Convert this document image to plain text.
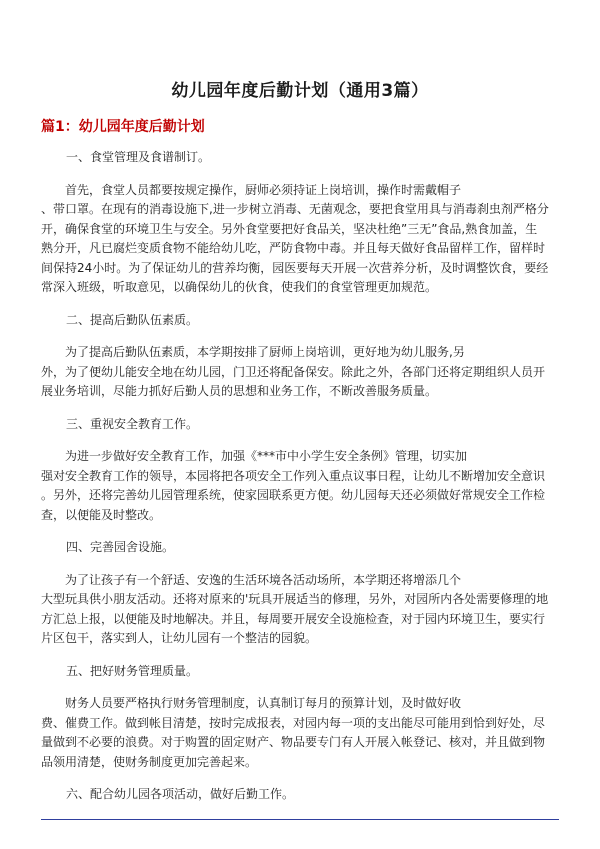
幼儿园年度后勤计划（通用3篇）
篇1：幼儿园年度后勤计划
一、食堂管理及食谱制订。
首先，食堂人员都要按规定操作，厨师必须持证上岗培训，操作时需戴帽子
、带口罩。在现有的消毒设施下,进一步树立消毒、无菌观念，要把食堂用具与消毒刹虫剂严格分
开，确保食堂的环境卫生与安全。另外食堂要把好食品关，坚决杜绝”三无”食品,熟食加盖，生
熟分开，凡已腐烂变质食物不能给幼儿吃，严防食物中毒。并且每天做好食品留样工作，留样时
间保持24小时。为了保证幼儿的营养均衡，园医要每天开展一次营养分析，及时调整饮食，要经
常深入班级，听取意见，以确保幼儿的伙食，使我们的食堂管理更加规范。
二、提高后勤队伍素质。
为了提高后勤队伍素质，本学期按排了厨师上岗培训，更好地为幼儿服务,另
外，为了便幼儿能安全地在幼儿园，门卫还将配备保安。除此之外，各部门还将定期组织人员开
展业务培训，尽能力抓好后勤人员的思想和业务工作，不断改善服务质量。
三、重视安全教育工作。
为进一步做好安全教育工作，加强《***市中小学生安全条例》管理，切实加
强对安全教育工作的领导，本园将把各项安全工作列入重点议事日程，让幼儿不断增加安全意识
。另外，还将完善幼儿园管理系统，使家园联系更方便。幼儿园每天还必须做好常规安全工作检
查，以便能及时整改。
四、完善园舍设施。
为了让孩子有一个舒适、安逸的生活环境各活动场所，本学期还将增添几个
大型玩具供小朋友活动。还将对原来的'玩具开展适当的修理，另外，对园所内各处需要修理的地
方汇总上报，以便能及时地解决。并且，每周要开展安全设施检查，对于园内环境卫生，要实行
片区包干，落实到人，让幼儿园有一个整洁的园貌。
五、把好财务管理质量。
财务人员要严格执行财务管理制度，认真制订每月的预算计划，及时做好收
费、催费工作。做到帐目清楚，按时完成报表，对园内每一项的支出能尽可能用到恰到好处，尽
量做到不必要的浪费。对于购置的固定财产、物品要专门有人开展入帐登记、核对，并且做到物
品领用清楚，使财务制度更加完善起来。
六、配合幼儿园各项活动，做好后勤工作。
